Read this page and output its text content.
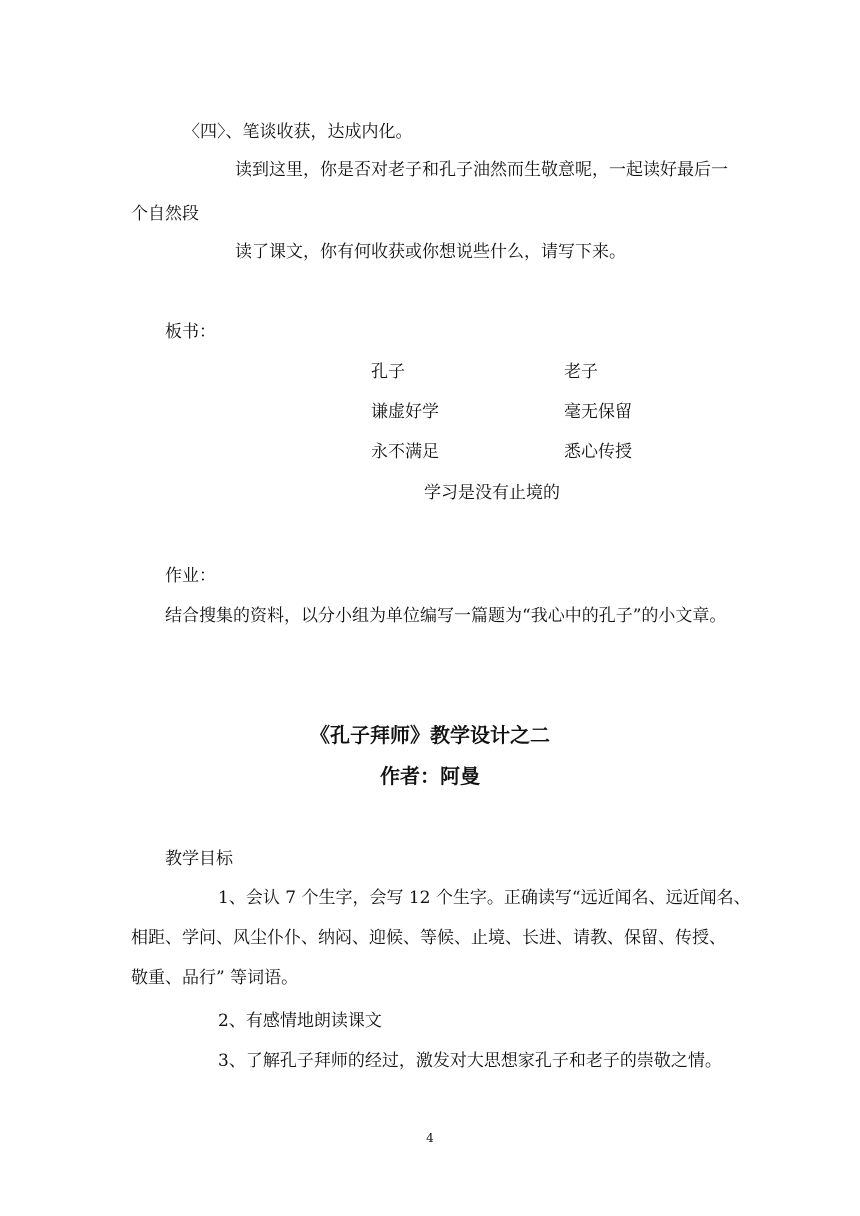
〈四〉、笔谈收获，达成内化。
读到这里，你是否对老子和孔子油然而生敬意呢，一起读好最后一
个自然段
读了课文，你有何收获或你想说些什么，请写下来。
板书：
孔子	老子
谦虚好学	毫无保留
永不满足	悉心传授
学习是没有止境的
作业：
结合搜集的资料，以分小组为单位编写一篇题为“我心中的孔子”的小文章。
《孔子拜师》教学设计之二
作者：阿曼
教学目标
1、会认 7 个生字，会写 12 个生字。正确读写“远近闻名、远近闻名、
相距、学问、风尘仆仆、纳闷、迎候、等候、止境、长进、请教、保留、传授、
敬重、品行” 等词语。
2、有感情地朗读课文
3、了解孔子拜师的经过，激发对大思想家孔子和老子的崇敬之情。
4
